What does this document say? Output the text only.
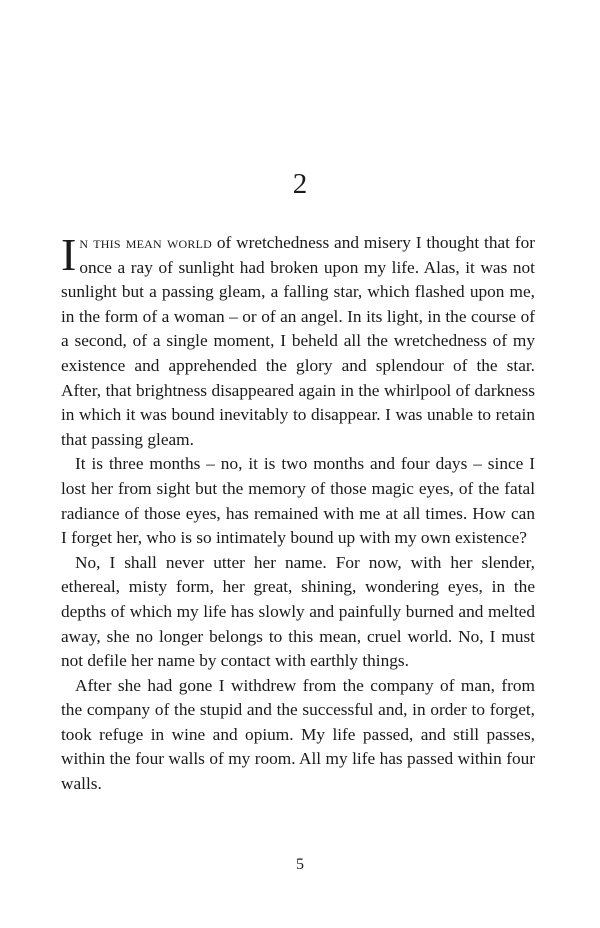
2

In this mean world of wretchedness and misery I thought that for once a ray of sunlight had broken upon my life. Alas, it was not sunlight but a passing gleam, a falling star, which flashed upon me, in the form of a woman – or of an angel. In its light, in the course of a second, of a single moment, I beheld all the wretchedness of my existence and apprehended the glory and splendour of the star. After, that brightness disappeared again in the whirlpool of darkness in which it was bound inevitably to disappear. I was unable to retain that passing gleam.

It is three months – no, it is two months and four days – since I lost her from sight but the memory of those magic eyes, of the fatal radiance of those eyes, has remained with me at all times. How can I forget her, who is so intimately bound up with my own existence?

No, I shall never utter her name. For now, with her slender, ethereal, misty form, her great, shining, wondering eyes, in the depths of which my life has slowly and painfully burned and melted away, she no longer belongs to this mean, cruel world. No, I must not defile her name by contact with earthly things.

After she had gone I withdrew from the company of man, from the company of the stupid and the successful and, in order to forget, took refuge in wine and opium. My life passed, and still passes, within the four walls of my room. All my life has passed within four walls.

5
